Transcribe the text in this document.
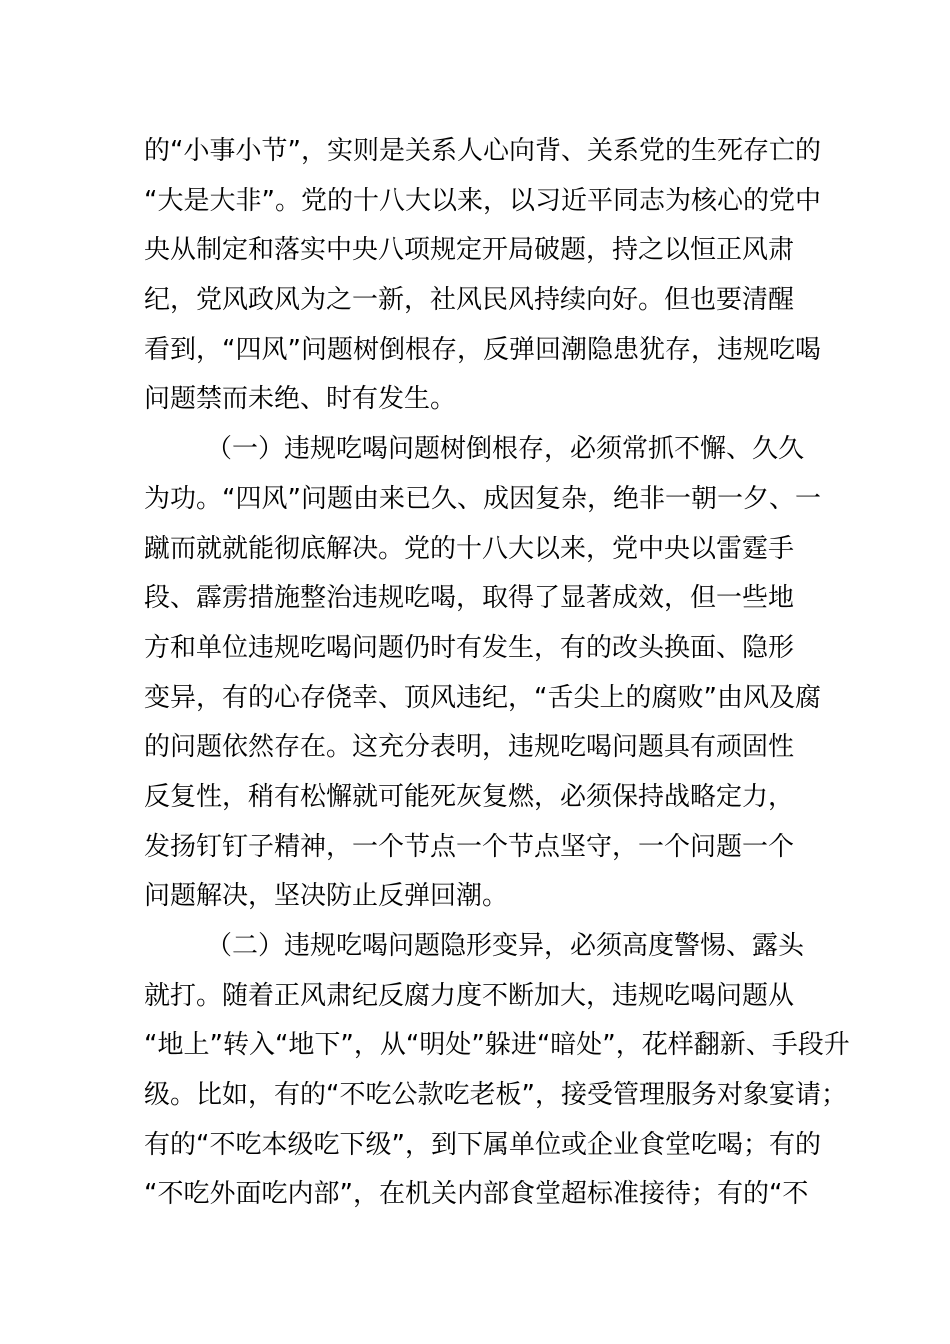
的“小事小节”，实则是关系人心向背、关系党的生死存亡的
“大是大非”。党的十八大以来，以习近平同志为核心的党中
央从制定和落实中央八项规定开局破题，持之以恒正风肃
纪，党风政风为之一新，社风民风持续向好。但也要清醒
看到，“四风”问题树倒根存，反弹回潮隐患犹存，违规吃喝
问题禁而未绝、时有发生。
（一）违规吃喝问题树倒根存，必须常抓不懈、久久
为功。“四风”问题由来已久、成因复杂，绝非一朝一夕、一
蹴而就就能彻底解决。党的十八大以来，党中央以雷霆手
段、霹雳措施整治违规吃喝，取得了显著成效，但一些地
方和单位违规吃喝问题仍时有发生，有的改头换面、隐形
变异，有的心存侥幸、顶风违纪，“舌尖上的腐败”由风及腐
的问题依然存在。这充分表明，违规吃喝问题具有顽固性
反复性，稍有松懈就可能死灰复燃，必须保持战略定力，
发扬钉钉子精神，一个节点一个节点坚守，一个问题一个
问题解决，坚决防止反弹回潮。
（二）违规吃喝问题隐形变异，必须高度警惕、露头
就打。随着正风肃纪反腐力度不断加大，违规吃喝问题从
“地上”转入“地下”，从“明处”躲进“暗处”，花样翻新、手段升
级。比如，有的“不吃公款吃老板”，接受管理服务对象宴请；
有的“不吃本级吃下级”，到下属单位或企业食堂吃喝；有的
“不吃外面吃内部”，在机关内部食堂超标准接待；有的“不
